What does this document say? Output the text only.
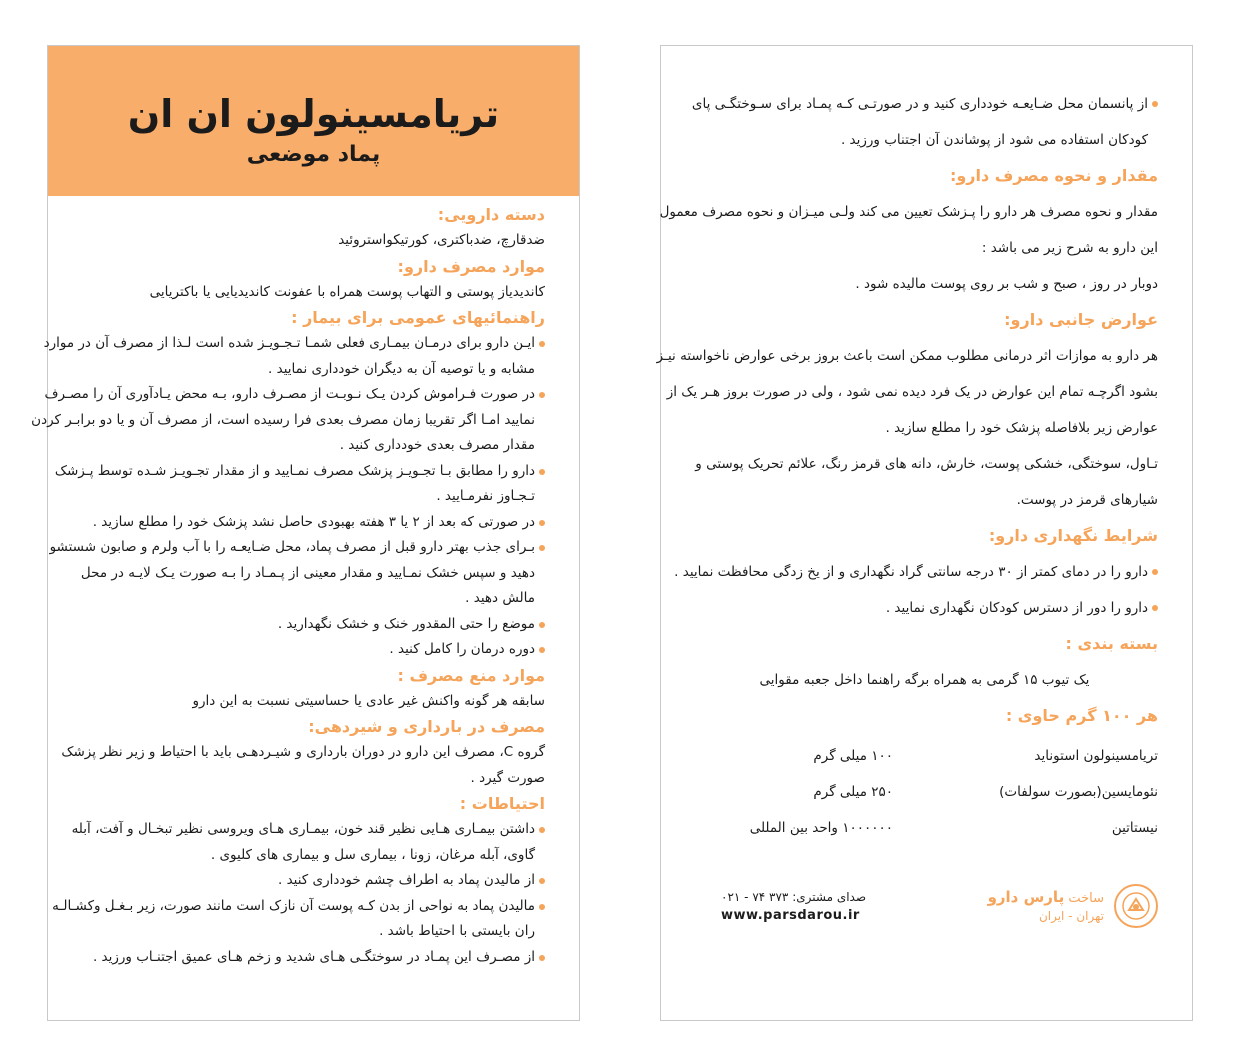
تریامسینولون ان ان
پماد موضعی
دسته دارویی:
ضدقارچ، ضدباکتری، کورتیکواستروئید
موارد مصرف دارو:
کاندیدیاز پوستی و التهاب پوست همراه با عفونت کاندیدیایی یا باکتریایی
راهنمائیهای عمومی برای بیمار :
ایـن دارو برای درمـان بیمـاری فعلی شمـا تـجـویـز شده است لـذا از مصرف آن در موارد
مشابه و یا توصیه آن به دیگران خودداری نمایید .
در صورت فـراموش کردن یـک نـوبـت از مصـرف دارو، بـه محض یـادآوری آن را مصـرف
نمایید امـا اگر تقریبا زمان مصرف بعدی فرا رسیده است، از مصرف آن و یا دو برابـر کردن
مقدار مصرف بعدی خودداری کنید .
دارو را مطابق بـا تجـویـز پزشک مصرف نمـایید و از مقدار تجـویـز شـده توسط پـزشک
تـجـاوز نفرمـایید .
در صورتی که بعد از ۲ یا ۳ هفته بهبودی حاصل نشد پزشک خود را مطلع سازید .
بـرای جذب بهتر دارو قبل از مصرف پماد، محل ضـایعـه را با آب ولرم و صابون شستشو
دهید و سپس خشک نمـایید و مقدار معینی از پـمـاد را بـه صورت یـک لایـه در محل
مالش دهید .
موضع را حتی المقدور خنک و خشک نگهدارید .
دوره درمان را کامل کنید .
موارد منع مصرف :
سابقه هر گونه واکنش غیر عادی یا حساسیتی نسبت به این دارو
مصرف در بارداری و شیردهی:
گروه C، مصرف این دارو در دوران بارداری و شیـردهـی باید با احتیاط و زیر نظر پزشک
صورت گیرد .
احتیاطات :
داشتن بیمـاری هـایی نظیر قند خون، بیمـاری هـای ویروسی نظیر تبخـال و آفت، آبله
گاوی، آبله مرغان، زونا ، بیماری سل و بیماری های کلیوی .
از مالیدن پماد به اطراف چشم خودداری کنید .
مالیدن پماد به نواحی از بدن کـه پوست آن نازک است مانند صورت، زیر بـغـل وکشـالـه
ران بایستی با احتیاط باشد .
از مصـرف این پمـاد در سوختگـی هـای شدید و زخم هـای عمیق اجتنـاب ورزید .
از پانسمان محل ضـایعـه خودداری کنید و در صورتـی کـه پمـاد برای سـوختگـی پای
کودکان استفاده می شود از پوشاندن آن اجتناب ورزید .
مقدار و نحوه مصرف دارو:
مقدار و نحوه مصرف هر دارو را پـزشک تعیین می کند ولـی میـزان و نحوه مصرف معمول
این دارو به شرح زیر می باشد :
دوبار در روز ، صبح و شب بر روی پوست مالیده شود .
عوارض جانبی دارو:
هر دارو به موازات اثر درمانی مطلوب ممکن است باعث بروز برخی عوارض ناخواسته نیـز
بشود اگرچـه تمام این عوارض در یک فرد دیده نمی شود ، ولی در صورت بروز هـر یک از
عوارض زیر بلافاصله پزشک خود را مطلع سازید .
تـاول، سوختگی، خشکی پوست، خارش، دانه های قرمز رنگ، علائم تحریک پوستی و
شیارهای قرمز در پوست.
شرایط نگهداری دارو:
دارو را در دمای کمتر از ۳۰ درجه سانتی گراد نگهداری و از یخ زدگی محافظت نمایید .
دارو را دور از دسترس کودکان نگهداری نمایید .
بسته بندی :
یک تیوب ۱۵ گرمی به همراه برگه راهنما داخل جعبه مقوایی
هر ۱۰۰ گرم حاوی :
تریامسینولون استونايد
۱۰۰ میلی گرم
نئومايسين(بصورت سولفات)
۲۵۰ میلی گرم
نیستاتین
۱۰۰۰۰۰۰ واحد بین المللی
ساخت پارس دارو
تهران - ایران
صدای مشتری: ۳۷۳ ۷۴ - ۰۲۱
www.parsdarou.ir
